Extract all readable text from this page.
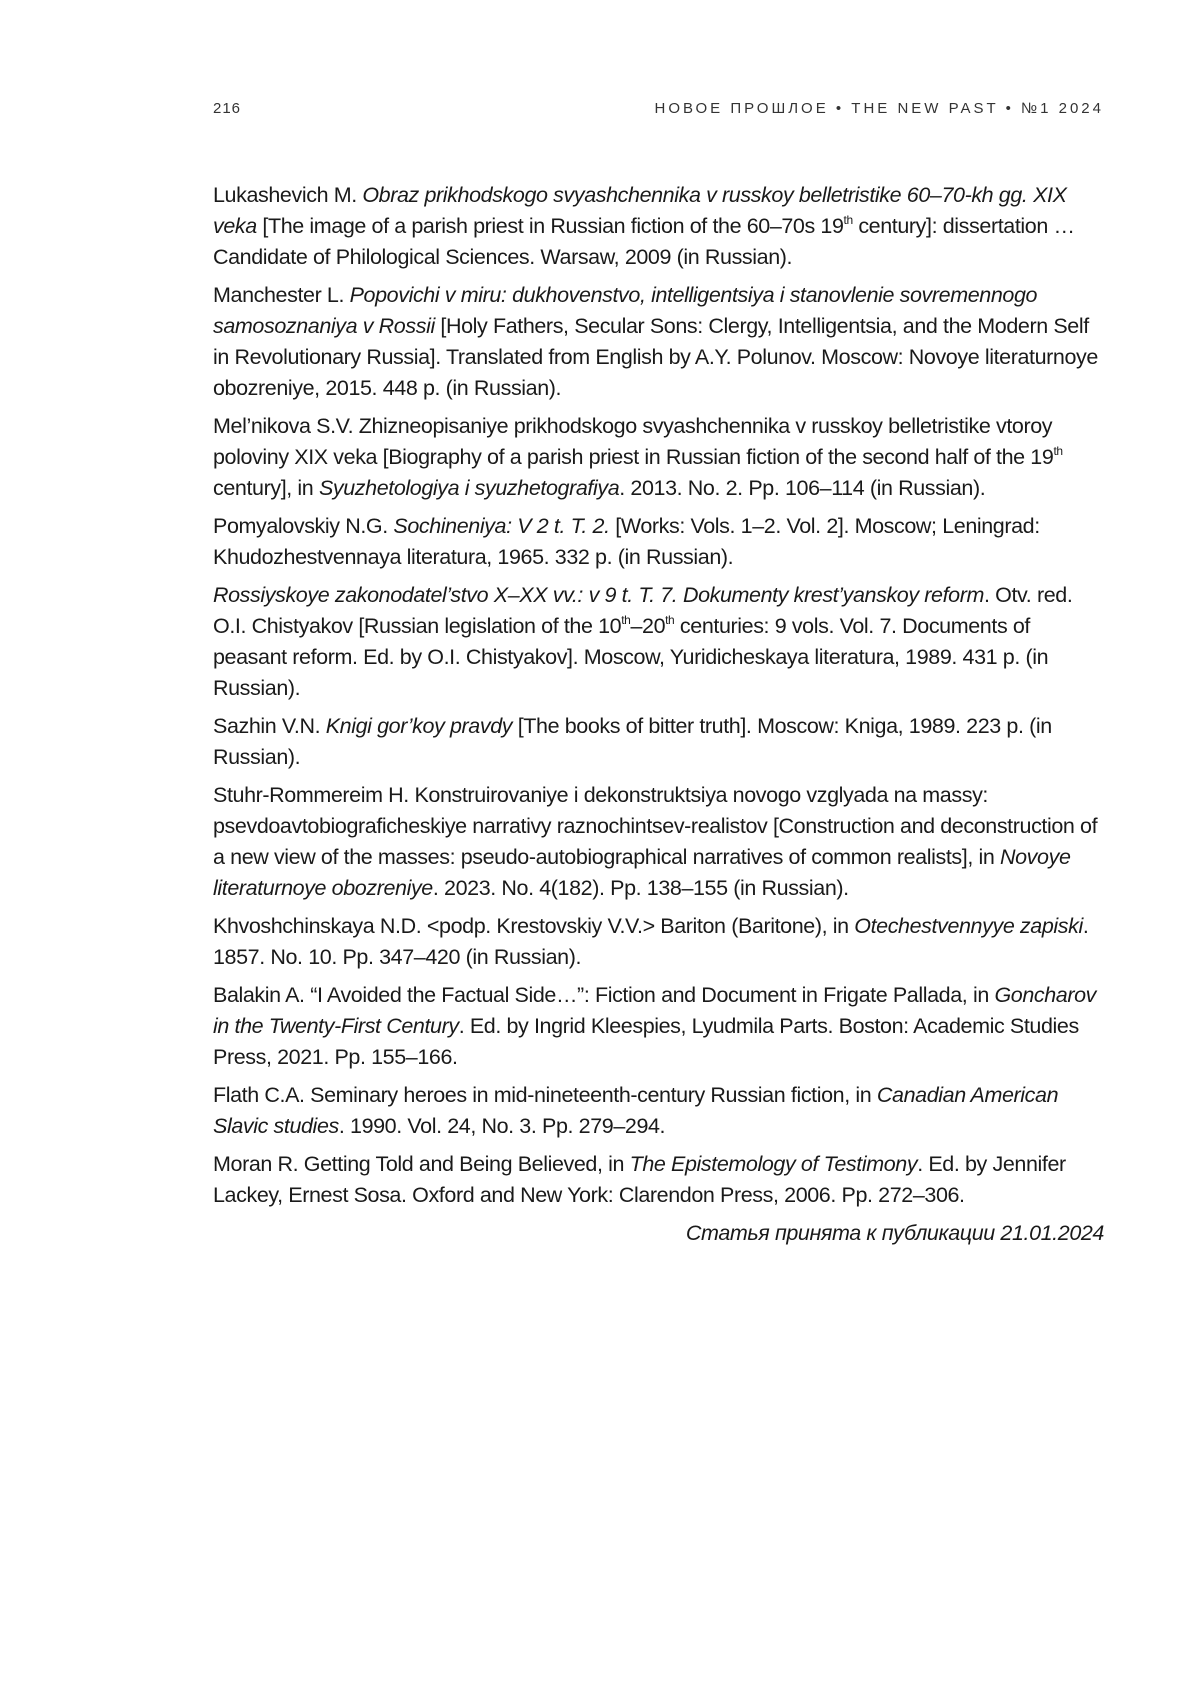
216	НОВОЕ ПРОШЛОЕ • THE NEW PAST • №1 2024

Lukashevich M. Obraz prikhodskogo svyashchennika v russkoy belletristike 60–70-kh gg. XIX veka [The image of a parish priest in Russian fiction of the 60–70s 19th century]: dissertation … Candidate of Philological Sciences. Warsaw, 2009 (in Russian).

Manchester L. Popovichi v miru: dukhovenstvo, intelligentsiya i stanovlenie sovremennogo samosoznaniya v Rossii [Holy Fathers, Secular Sons: Clergy, Intelligentsia, and the Modern Self in Revolutionary Russia]. Translated from English by A.Y. Polunov. Moscow: Novoye literaturnoye obozreniye, 2015. 448 p. (in Russian).

Mel’nikova S.V. Zhizneopisaniye prikhodskogo svyashchennika v russkoy belletristike vtoroy poloviny XIX veka [Biography of a parish priest in Russian fiction of the second half of the 19th century], in Syuzhetologiya i syuzhetografiya. 2013. No. 2. Pp. 106–114 (in Russian).

Pomyalovskiy N.G. Sochineniya: V 2 t. T. 2. [Works: Vols. 1–2. Vol. 2]. Moscow; Leningrad: Khudozhestvennaya literatura, 1965. 332 p. (in Russian).

Rossiyskoye zakonodatel’stvo X–XX vv.: v 9 t. T. 7. Dokumenty krest’yanskoy reform. Otv. red. O.I. Chistyakov [Russian legislation of the 10th–20th centuries: 9 vols. Vol. 7. Documents of peasant reform. Ed. by O.I. Chistyakov]. Moscow, Yuridicheskaya literatura, 1989. 431 p. (in Russian).

Sazhin V.N. Knigi gor’koy pravdy [The books of bitter truth]. Moscow: Kniga, 1989. 223 p. (in Russian).

Stuhr-Rommereim H. Konstruirovaniye i dekonstruktsiya novogo vzglyada na massy: psevdoavtobiograficheskiye narrativy raznochintsev-realistov [Construction and deconstruction of a new view of the masses: pseudo-autobiographical narratives of common realists], in Novoye literaturnoye obozreniye. 2023. No. 4(182). Pp. 138–155 (in Russian).

Khvoshchinskaya N.D. <podp. Krestovskiy V.V.> Bariton (Baritone), in Otechestvennyye zapiski. 1857. No. 10. Pp. 347–420 (in Russian).

Balakin A. “I Avoided the Factual Side…”: Fiction and Document in Frigate Pallada, in Goncharov in the Twenty-First Century. Ed. by Ingrid Kleespies, Lyudmila Parts. Boston: Academic Studies Press, 2021. Pp. 155–166.

Flath C.A. Seminary heroes in mid-nineteenth-century Russian fiction, in Canadian American Slavic studies. 1990. Vol. 24, No. 3. Pp. 279–294.

Moran R. Getting Told and Being Believed, in The Epistemology of Testimony. Ed. by Jennifer Lackey, Ernest Sosa. Oxford and New York: Clarendon Press, 2006. Pp. 272–306.

Статья принята к публикации 21.01.2024
